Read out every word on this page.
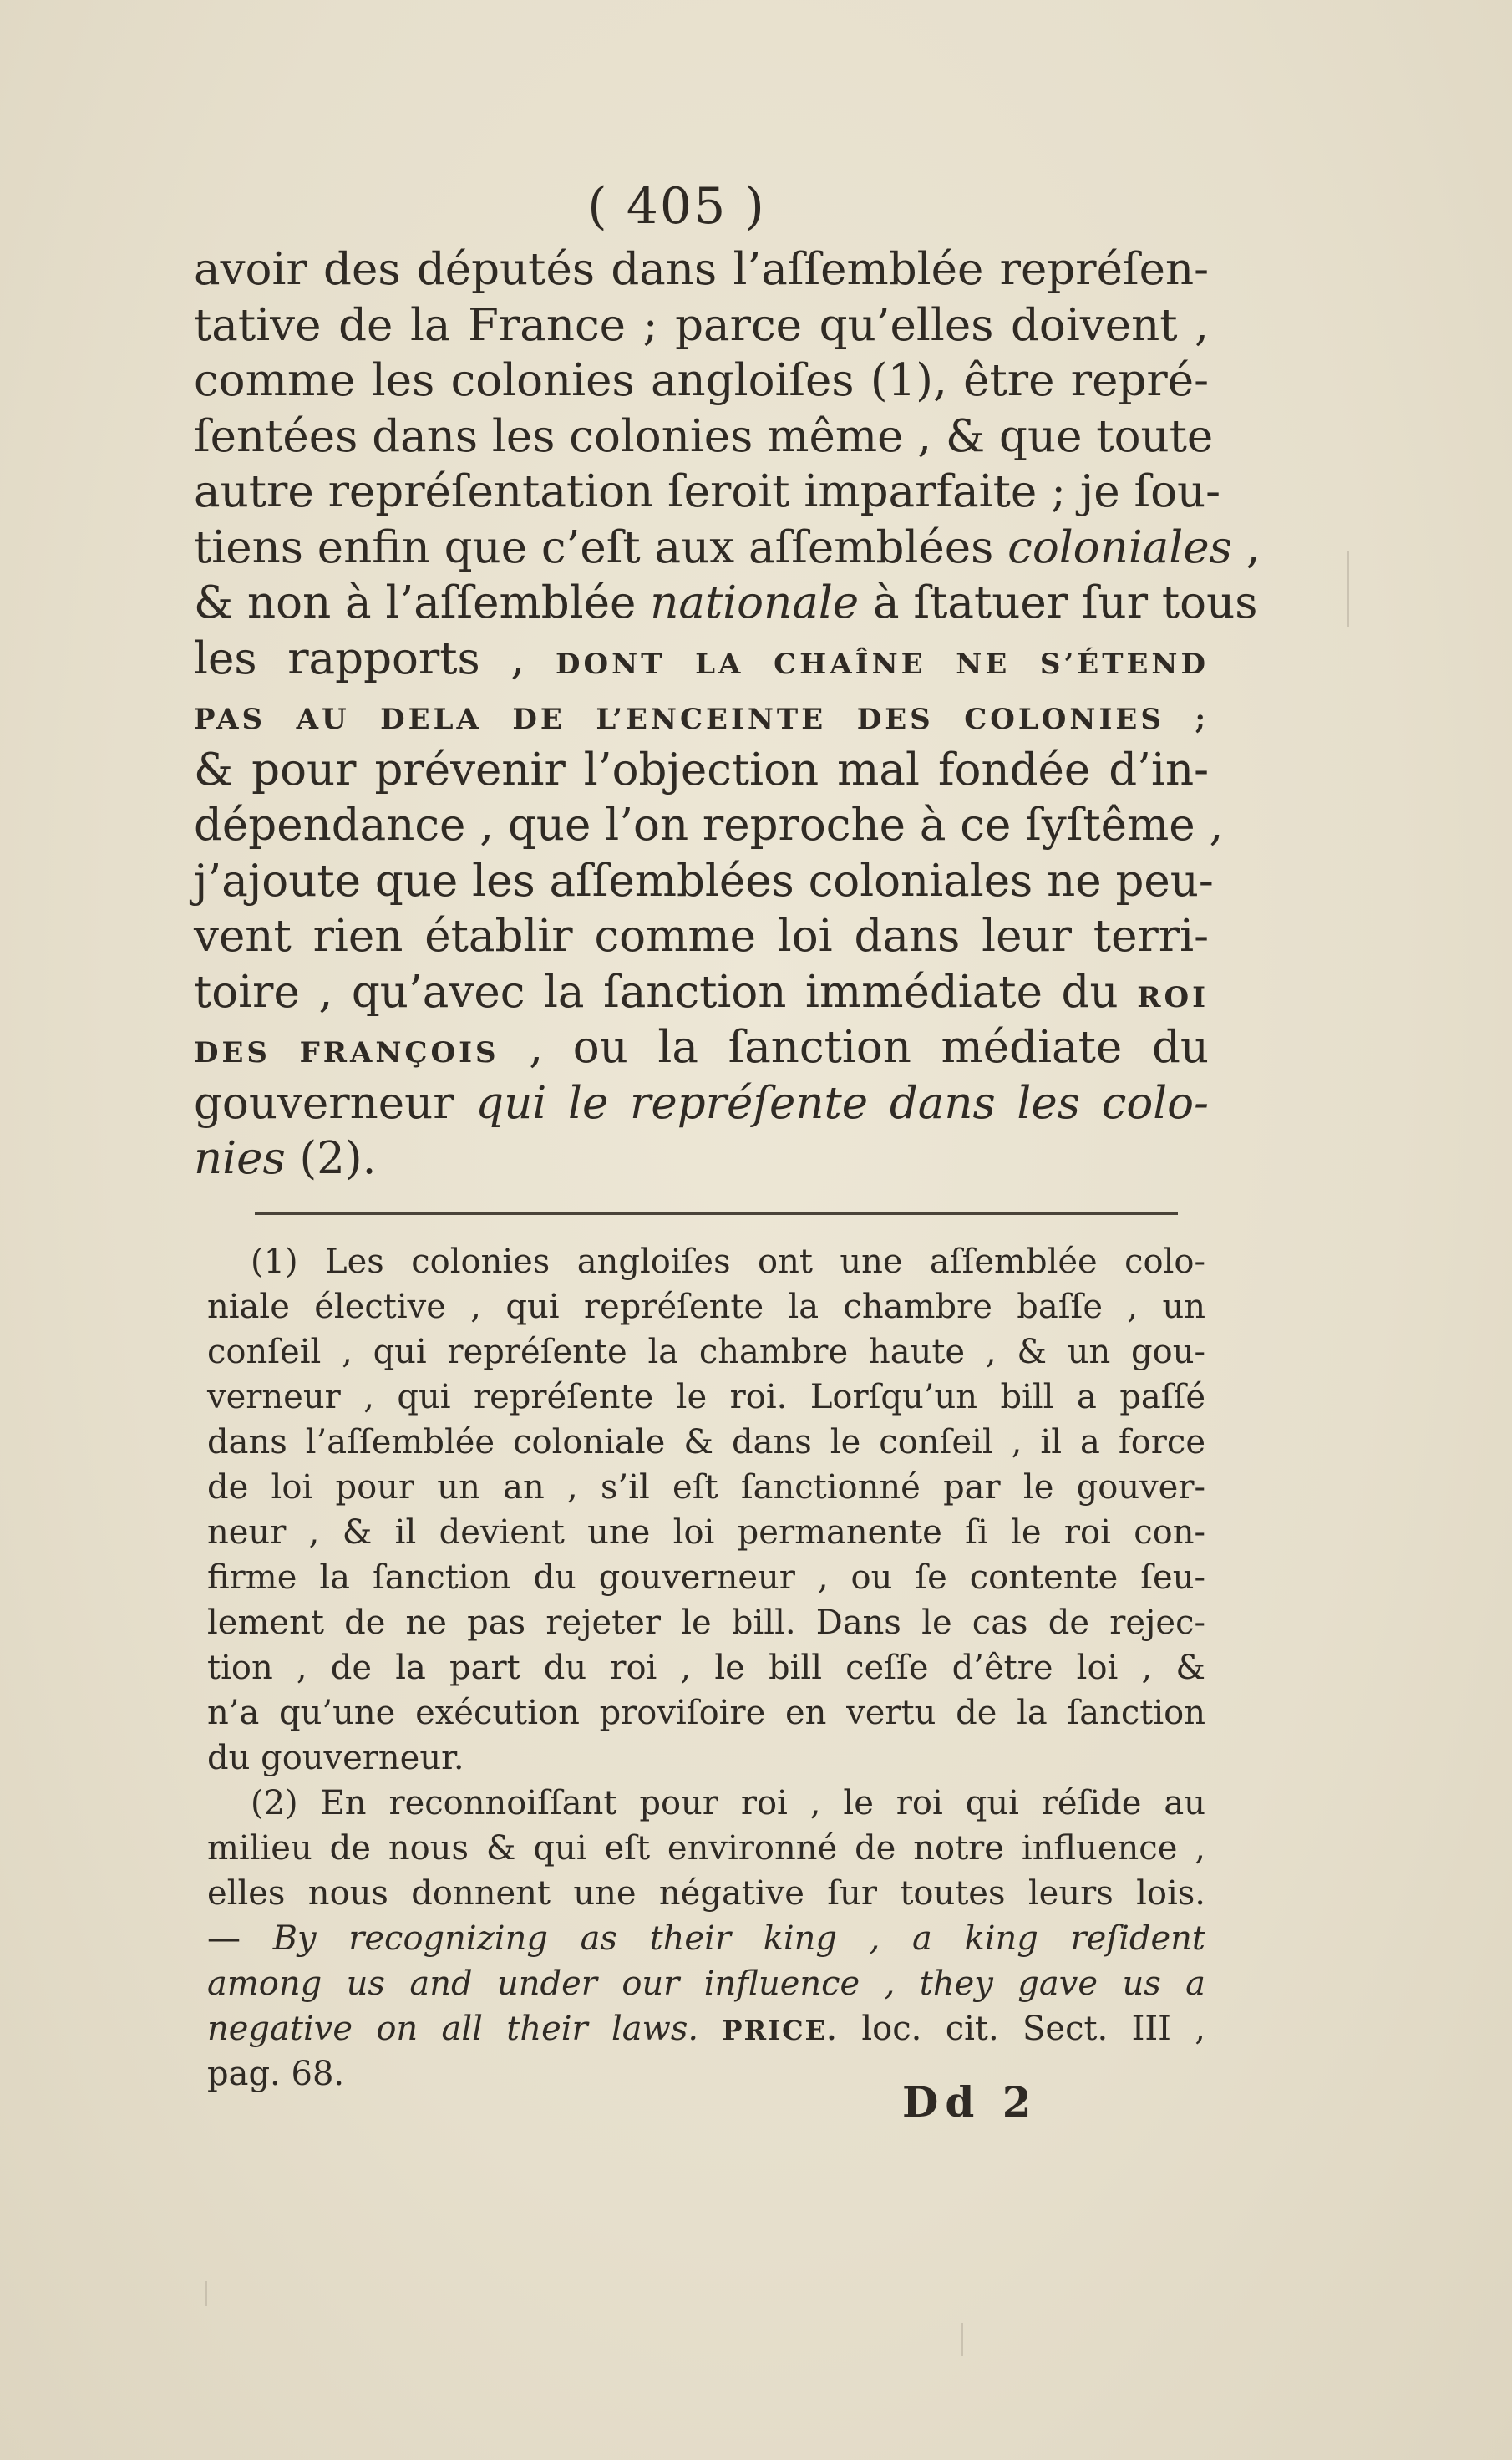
( 405 )
avoir des députés dans l’aſſemblée repréſen-
tative de la France ; parce qu’elles doivent ,
comme les colonies angloiſes (1), être repré-
ſentées dans les colonies même , & que toute
autre repréſentation ſeroit imparfaite ; je ſou-
tiens enfin que c’eſt aux aſſemblées coloniales ,
& non à l’aſſemblée nationale à ſtatuer ſur tous
les rapports , DONT LA CHAÎNE NE S’ÉTEND
PAS AU DELA DE L’ENCEINTE DES COLONIES ;
& pour prévenir l’objection mal fondée d’in-
dépendance , que l’on reproche à ce ſyſtême ,
j’ajoute que les aſſemblées coloniales ne peu-
vent rien établir comme loi dans leur terri-
toire , qu’avec la ſanction immédiate du ROI
DES FRANÇOIS , ou la ſanction médiate du
gouverneur qui le repréſente dans les colo-
nies (2).
(1) Les colonies angloiſes ont une aſſemblée colo-
niale élective , qui repréſente la chambre baſſe , un
conſeil , qui repréſente la chambre haute , & un gou-
verneur , qui repréſente le roi. Lorſqu’un bill a paſſé
dans l’aſſemblée coloniale & dans le conſeil , il a force
de loi pour un an , s’il eſt ſanctionné par le gouver-
neur , & il devient une loi permanente ſi le roi con-
firme la ſanction du gouverneur , ou ſe contente ſeu-
lement de ne pas rejeter le bill. Dans le cas de rejec-
tion , de la part du roi , le bill ceſſe d’être loi , &
n’a qu’une exécution proviſoire en vertu de la ſanction
du gouverneur.
(2) En reconnoiſſant pour roi , le roi qui réſide au
milieu de nous & qui eſt environné de notre influence ,
elles nous donnent une négative ſur toutes leurs lois.
— By recognizing as their king , a king reſident
among us and under our influence , they gave us a
negative on all their laws. PRICE. loc. cit. Sect. III ,
pag. 68.
Dd 2
